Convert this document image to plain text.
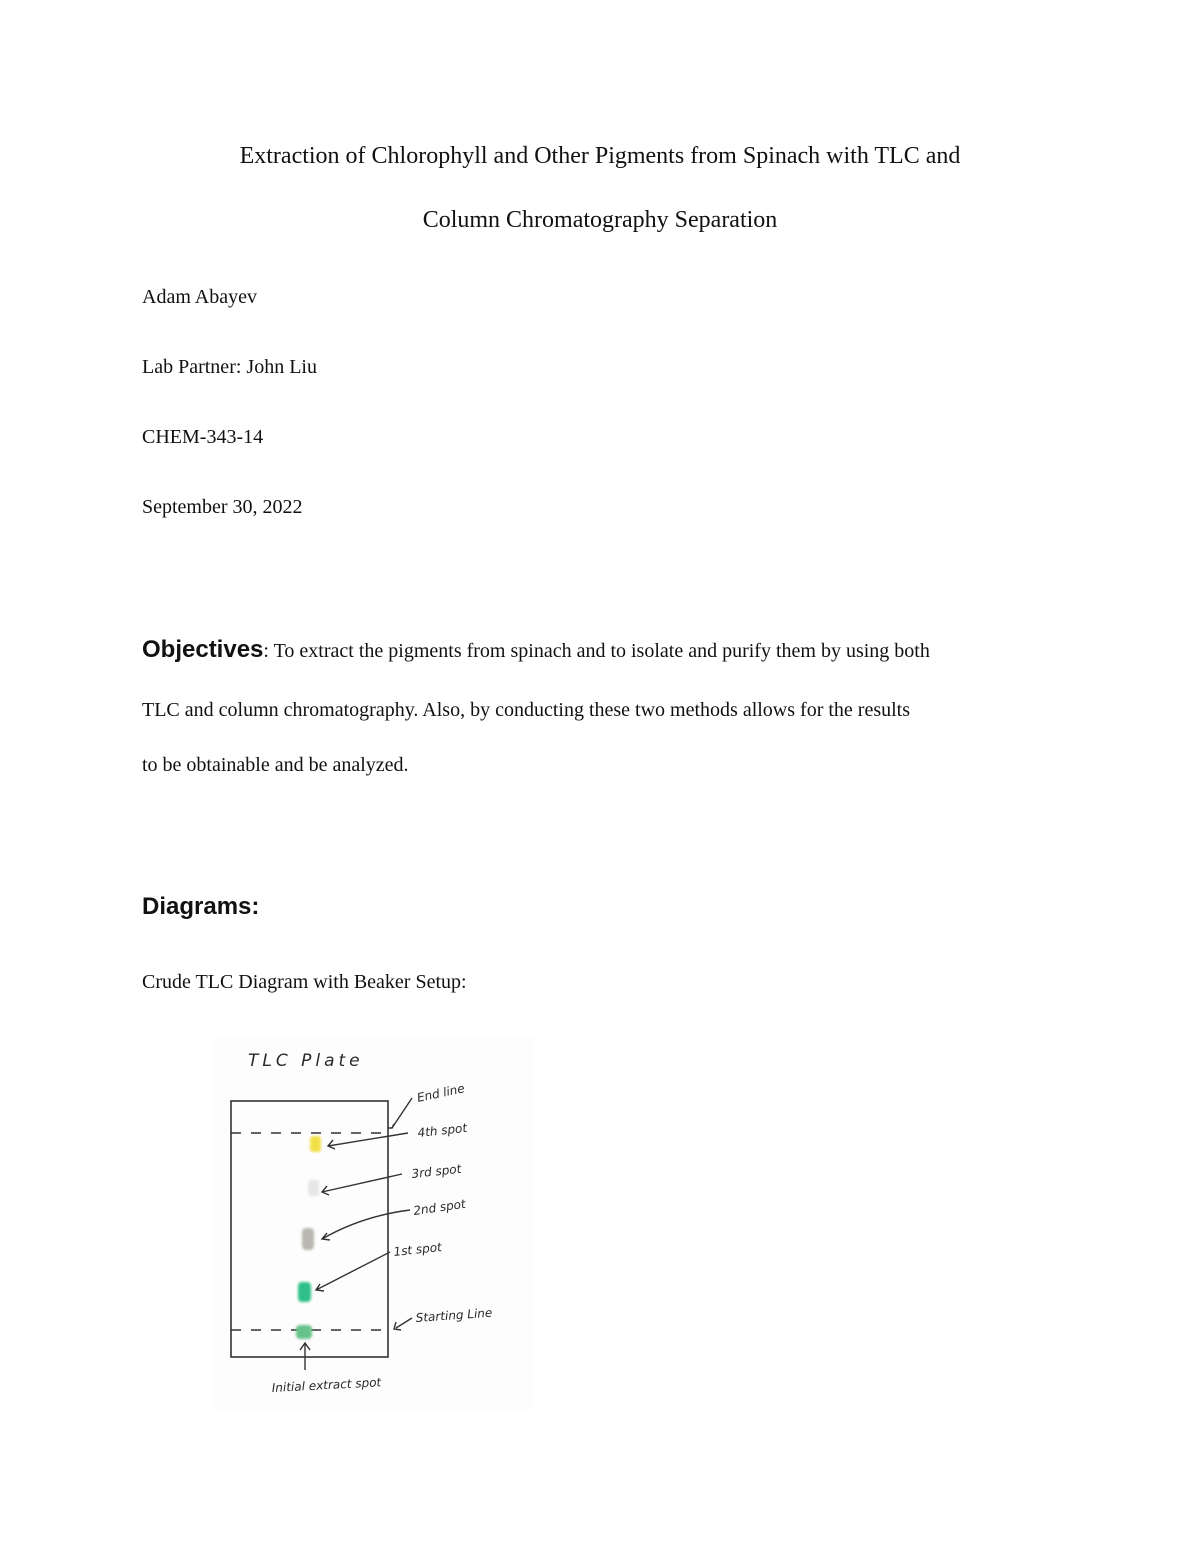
Extraction of Chlorophyll and Other Pigments from Spinach with TLC and
Column Chromatography Separation
Adam Abayev
Lab Partner: John Liu
CHEM-343-14
September 30, 2022
Objectives: To extract the pigments from spinach and to isolate and purify them by using both
TLC and column chromatography. Also, by conducting these two methods allows for the results
to be obtainable and be analyzed.
Diagrams:
Crude TLC Diagram with Beaker Setup:
TLC Plate
End line
4th spot
3rd spot
2nd spot
1st spot
Starting Line
Initial extract spot
